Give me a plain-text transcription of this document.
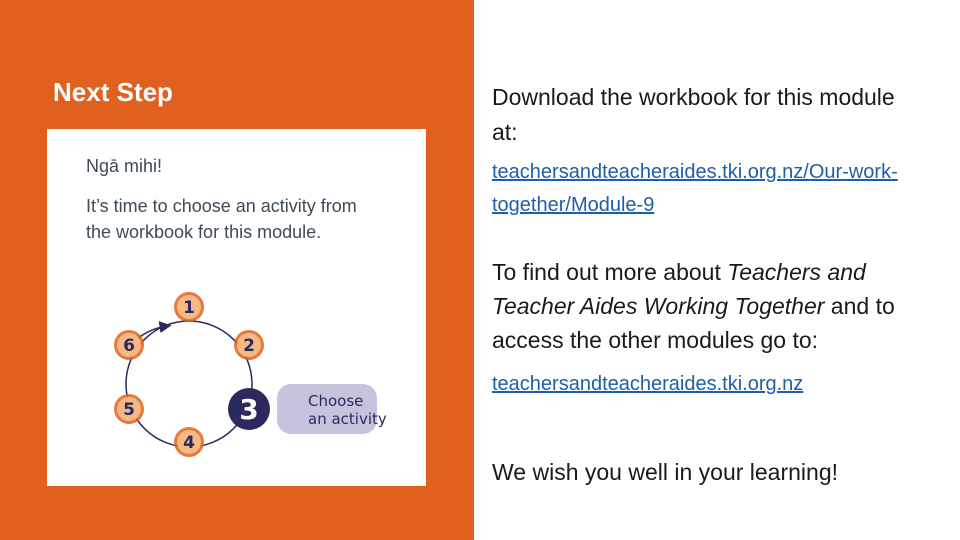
Next Step
Ngā mihi!
It’s time to choose an activity from the workbook for this module.
Choose
an activity
1
2
3
4
5
6
Download the workbook for this module at:
teachersandteacheraides.tki.org.nz/Our-work-together/Module-9
To find out more about Teachers and Teacher Aides Working Together and to access the other modules go to:
teachersandteacheraides.tki.org.nz
We wish you well in your learning!
